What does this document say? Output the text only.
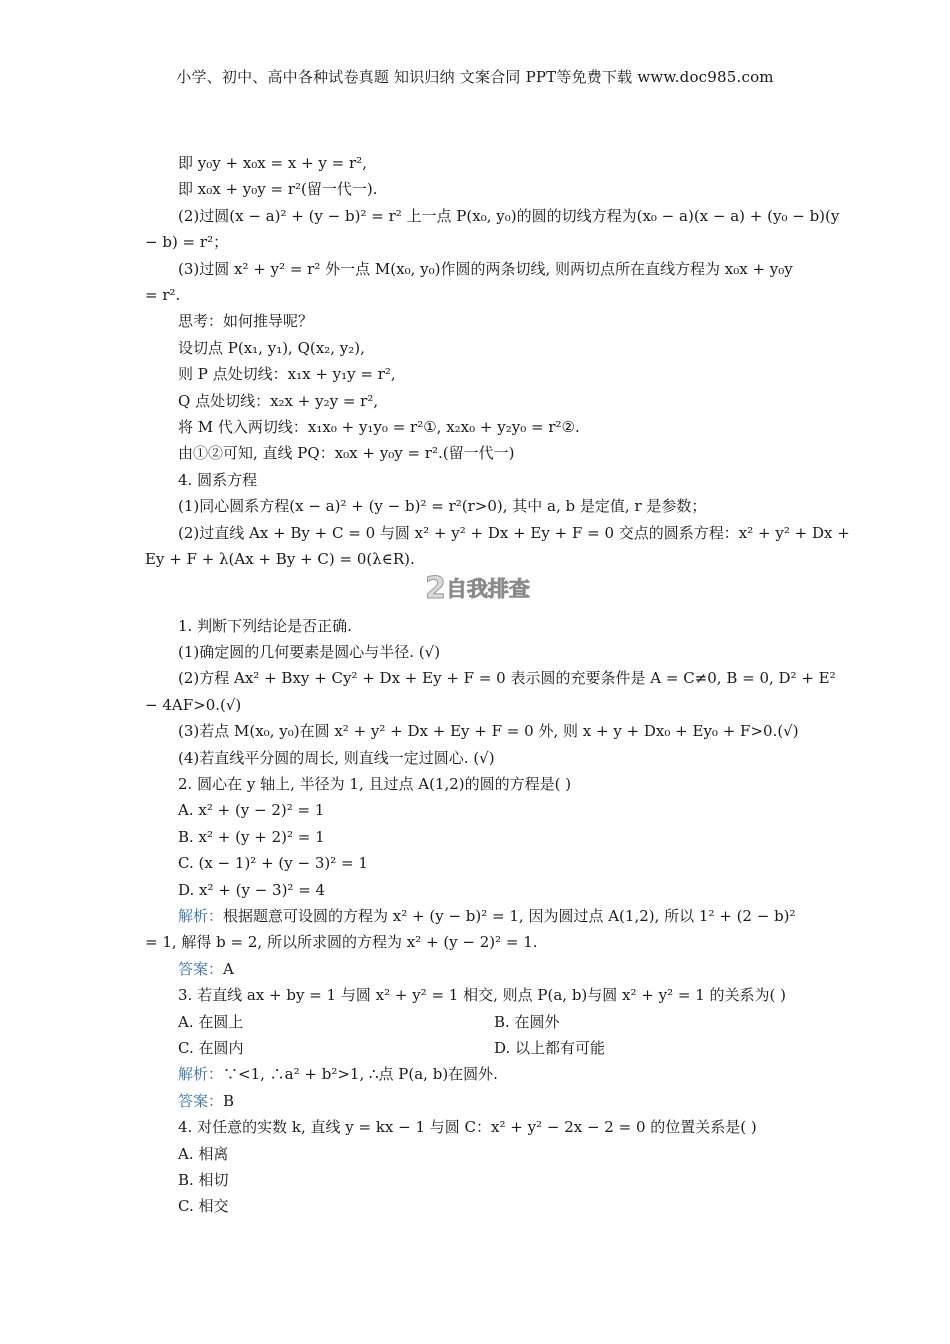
小学、初中、高中各种试卷真题 知识归纳 文案合同 PPT等免费下载 www.doc985.com
即 y₀y + x₀x = x + y = r²,
即 x₀x + y₀y = r²(留一代一).
(2)过圆(x − a)² + (y − b)² = r² 上一点 P(x₀, y₀)的圆的切线方程为(x₀ − a)(x − a) + (y₀ − b)(y
− b) = r²；
(3)过圆 x² + y² = r² 外一点 M(x₀, y₀)作圆的两条切线, 则两切点所在直线方程为 x₀x + y₀y
= r².
思考：如何推导呢？
设切点 P(x₁, y₁), Q(x₂, y₂),
则 P 点处切线：x₁x + y₁y = r²,
Q 点处切线：x₂x + y₂y = r²,
将 M 代入两切线：x₁x₀ + y₁y₀ = r²①, x₂x₀ + y₂y₀ = r²②.
由①②可知, 直线 PQ：x₀x + y₀y = r².(留一代一)
4. 圆系方程
(1)同心圆系方程(x − a)² + (y − b)² = r²(r>0), 其中 a, b 是定值, r 是参数；
(2)过直线 Ax + By + C = 0 与圆 x² + y² + Dx + Ey + F = 0 交点的圆系方程：x² + y² + Dx +
Ey + F + λ(Ax + By + C) = 0(λ∈R).
2自我排查
1. 判断下列结论是否正确.
(1)确定圆的几何要素是圆心与半径. (√)
(2)方程 Ax² + Bxy + Cy² + Dx + Ey + F = 0 表示圆的充要条件是 A = C≠0, B = 0, D² + E²
− 4AF>0.(√)
(3)若点 M(x₀, y₀)在圆 x² + y² + Dx + Ey + F = 0 外, 则 x + y + Dx₀ + Ey₀ + F>0.(√)
(4)若直线平分圆的周长, 则直线一定过圆心. (√)
2. 圆心在 y 轴上, 半径为 1, 且过点 A(1,2)的圆的方程是( )
A. x² + (y − 2)² = 1
B. x² + (y + 2)² = 1
C. (x − 1)² + (y − 3)² = 1
D. x² + (y − 3)² = 4
解析：根据题意可设圆的方程为 x² + (y − b)² = 1, 因为圆过点 A(1,2), 所以 1² + (2 − b)²
= 1, 解得 b = 2, 所以所求圆的方程为 x² + (y − 2)² = 1.
答案：A
3. 若直线 ax + by = 1 与圆 x² + y² = 1 相交, 则点 P(a, b)与圆 x² + y² = 1 的关系为( )
A. 在圆上	B. 在圆外
C. 在圆内	D. 以上都有可能
解析：∵<1, ∴a² + b²>1, ∴点 P(a, b)在圆外.
答案：B
4. 对任意的实数 k, 直线 y = kx − 1 与圆 C：x² + y² − 2x − 2 = 0 的位置关系是( )
A. 相离
B. 相切
C. 相交
